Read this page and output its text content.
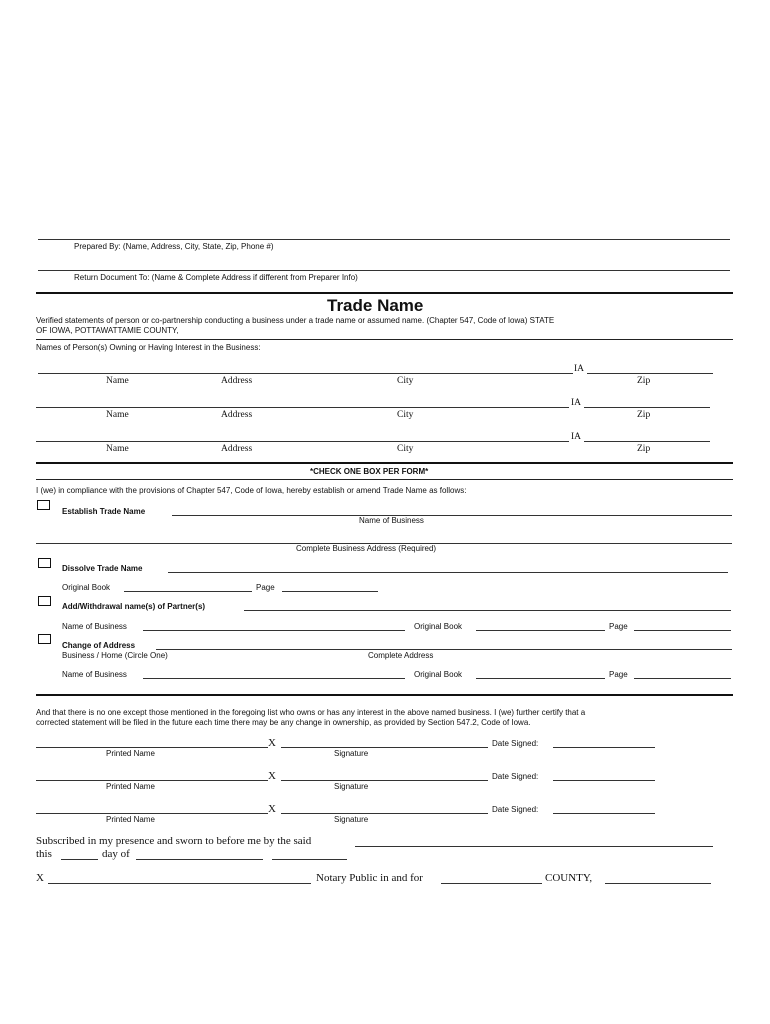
Prepared By: (Name, Address, City, State, Zip, Phone #)
Return Document To: (Name & Complete Address if different from Preparer Info)
Trade Name
Verified statements of person or co-partnership conducting a business under a trade name or assumed name. (Chapter 547, Code of Iowa) STATE
OF IOWA, POTTAWATTAMIE COUNTY,
Names of Person(s) Owning or Having Interest in the Business:
IA
Name	Address	City	Zip
IA
Name	Address	City	Zip
IA
Name	Address	City	Zip
*CHECK ONE BOX PER FORM*
I (we) in compliance with the provisions of Chapter 547, Code of Iowa, hereby establish or amend Trade Name as follows:
Establish Trade Name
Name of Business
Complete Business Address (Required)
Dissolve Trade Name
Original Book	Page
Add/Withdrawal name(s) of Partner(s)
Name of Business	Original Book	Page
Change of Address
Business / Home (Circle One)	Complete Address
Name of Business	Original Book	Page
And that there is no one except those mentioned in the foregoing list who owns or has any interest in the above named business. I (we) further certify that a
corrected statement will be filed in the future each time there may be any change in ownership, as provided by Section 547.2, Code of Iowa.
X	Date Signed:
Printed Name	Signature
X	Date Signed:
Printed Name	Signature
X	Date Signed:
Printed Name	Signature
Subscribed in my presence and sworn to before me by the said
this	day of
X	Notary Public in and for	COUNTY,
